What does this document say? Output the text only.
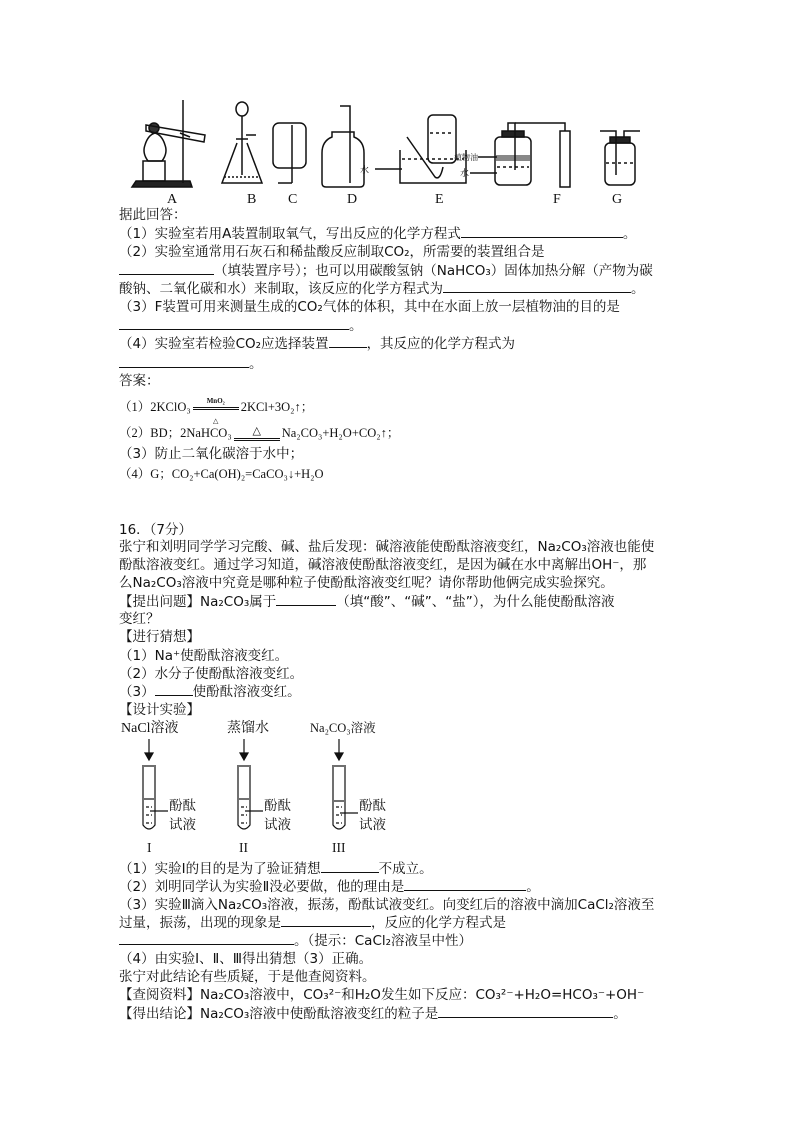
A	B C	D	E	F	G
水
植物油
水
据此回答：
（1）实验室若用A装置制取氧气，写出反应的化学方程式	。
（2）实验室通常用石灰石和稀盐酸反应制取CO₂，所需要的装置组合是
（填装置序号）；也可以用碳酸氢钠（NaHCO₃）固体加热分解（产物为碳
酸钠、二氧化碳和水）来制取，该反应的化学方程式为	。
（3）F装置可用来测量生成的CO₂气体的体积，其中在水面上放一层植物油的目的是
。
（4）实验室若检验CO₂应选择装置	，其反应的化学方程式为
。
答案：
（1）2KClO₃	MnO₂
△
2KCl+3O₂↑；
（2）BD；2NaHCO₃	△	Na₂CO₃+H₂O+CO₂↑；
（3）防止二氧化碳溶于水中；
（4）G；CO₂+Ca(OH)₂=CaCO₃↓+H₂O
16．（7分）
张宁和刘明同学学习完酸、碱、盐后发现：碱溶液能使酚酞溶液变红，Na₂CO₃溶液也能使
酚酞溶液变红。通过学习知道，碱溶液使酚酞溶液变红，是因为碱在水中离解出OH⁻，那
么Na₂CO₃溶液中究竟是哪种粒子使酚酞溶液变红呢？请你帮助他俩完成实验探究。
【提出问题】Na₂CO₃属于	（填“酸”、“碱”、“盐”），为什么能使酚酞溶液
变红？
【进行猜想】
（1）Na⁺使酚酞溶液变红。
（2）水分子使酚酞溶液变红。
（3）	使酚酞溶液变红。
【设计实验】
NaCl溶液	蒸馏水	Na₂CO₃溶液
酚酞
试液
酚酞
试液
酚酞
试液
I	II	III
（1）实验Ⅰ的目的是为了验证猜想	不成立。
（2）刘明同学认为实验Ⅱ没必要做，他的理由是	。
（3）实验Ⅲ滴入Na₂CO₃溶液，振荡，酚酞试液变红。向变红后的溶液中滴加CaCl₂溶液至
过量，振荡，出现的现象是	，反应的化学方程式是
。（提示：CaCl₂溶液呈中性）
（4）由实验Ⅰ、Ⅱ、Ⅲ得出猜想（3）正确。
张宁对此结论有些质疑，于是他查阅资料。
【查阅资料】Na₂CO₃溶液中，CO₃²⁻和H₂O发生如下反应：CO₃²⁻+H₂O=HCO₃⁻+OH⁻
【得出结论】Na₂CO₃溶液中使酚酞溶液变红的粒子是	。
